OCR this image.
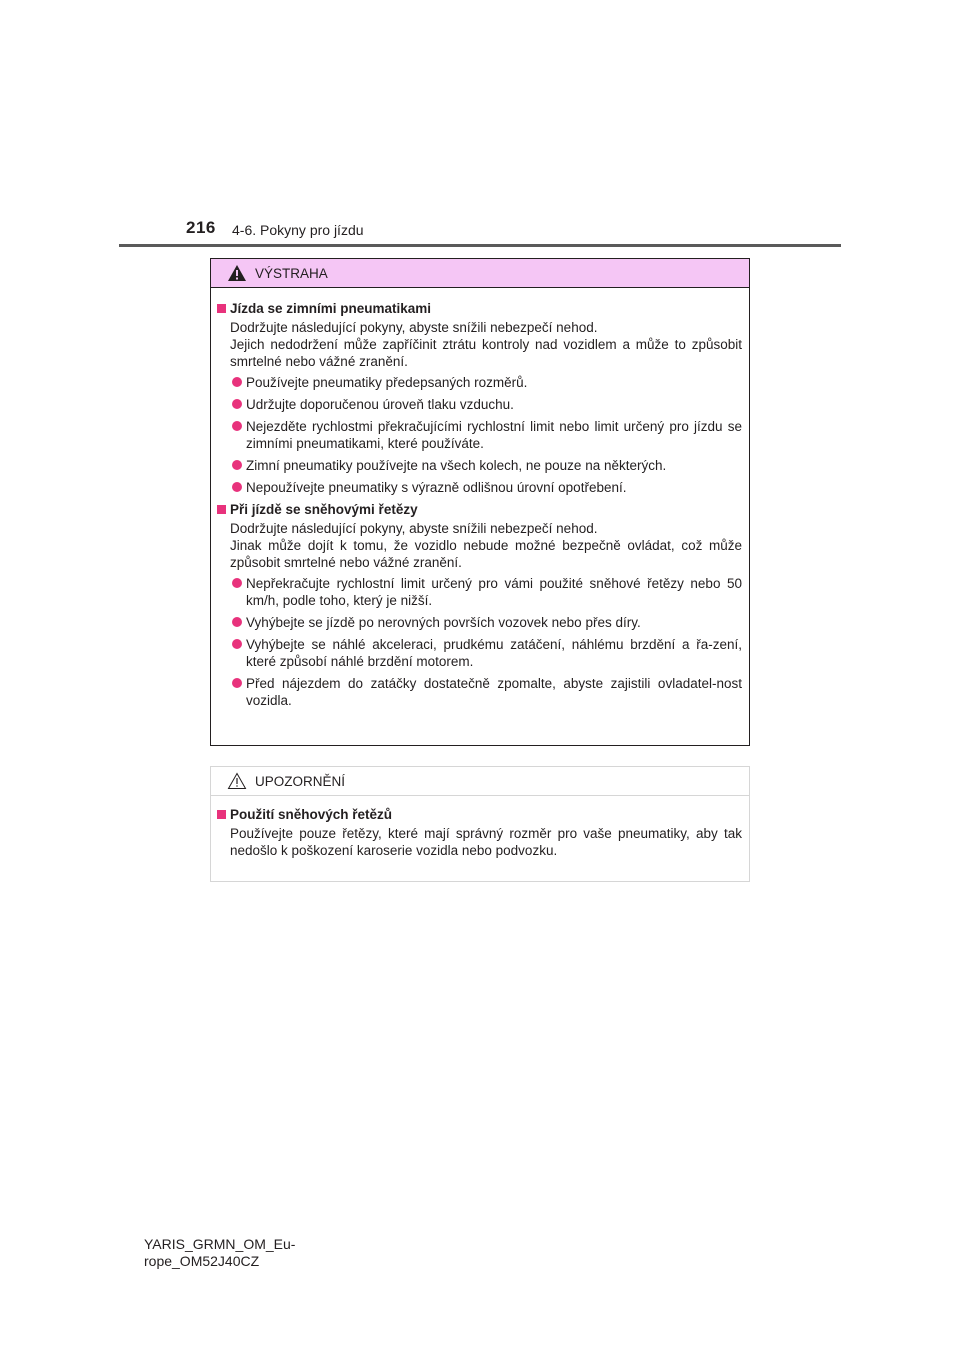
216 4-6. Pokyny pro jízdu
VÝSTRAHA
Jízda se zimními pneumatikami

Dodržujte následující pokyny, abyste snížili nebezpečí nehod.
Jejich nedodržení může zapříčinit ztrátu kontroly nad vozidlem a může to způsobit smrtelné nebo vážné zranění.

Používejte pneumatiky předepsaných rozměrů.
Udržujte doporučenou úroveň tlaku vzduchu.
Nejezděte rychlostmi překračujícími rychlostní limit nebo limit určený pro jízdu se zimními pneumatikami, které používáte.
Zimní pneumatiky používejte na všech kolech, ne pouze na některých.
Nepoužívejte pneumatiky s výrazně odlišnou úrovní opotřebení.
Při jízdě se sněhovými řetězy

Dodržujte následující pokyny, abyste snížili nebezpečí nehod.
Jinak může dojít k tomu, že vozidlo nebude možné bezpečně ovládat, což může způsobit smrtelné nebo vážné zranění.

Nepřekračujte rychlostní limit určený pro vámi použité sněhové řetězy nebo 50 km/h, podle toho, který je nižší.
Vyhýbejte se jízdě po nerovných površích vozovek nebo přes díry.
Vyhýbejte se náhlé akceleraci, prudkému zatáčení, náhlému brzdění a řa-zení, které způsobí náhlé brzdění motorem.
Před nájezdem do zatáčky dostatečně zpomalte, abyste zajistili ovladatel-nost vozidla.
UPOZORNĚNÍ
Použití sněhových řetězů

Používejte pouze řetězy, které mají správný rozměr pro vaše pneumatiky, aby tak nedošlo k poškození karoserie vozidla nebo podvozku.

YARIS_GRMN_OM_Eu-
rope_OM52J40CZ
